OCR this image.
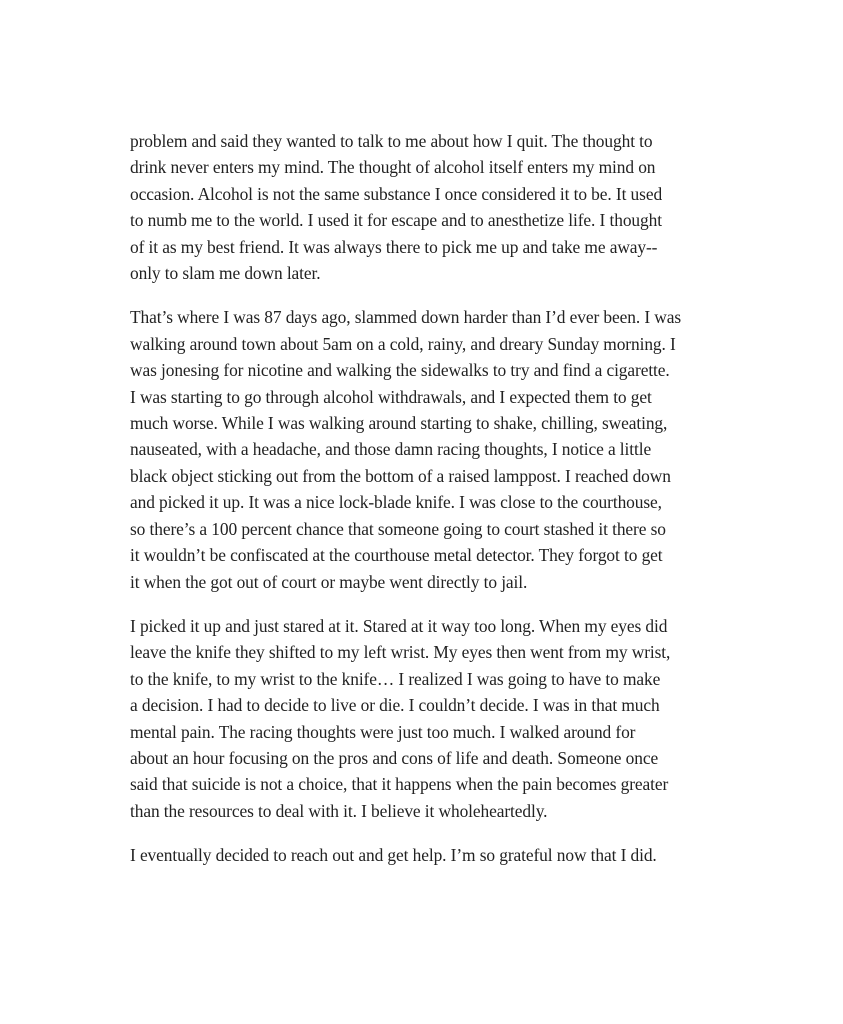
problem and said they wanted to talk to me about how I quit. The thought to
drink never enters my mind. The thought of alcohol itself enters my mind on
occasion. Alcohol is not the same substance I once considered it to be. It used
to numb me to the world. I used it for escape and to anesthetize life. I thought
of it as my best friend. It was always there to pick me up and take me away--
only to slam me down later.

That’s where I was 87 days ago, slammed down harder than I’d ever been. I was
walking around town about 5am on a cold, rainy, and dreary Sunday morning. I
was jonesing for nicotine and walking the sidewalks to try and find a cigarette.
I was starting to go through alcohol withdrawals, and I expected them to get
much worse. While I was walking around starting to shake, chilling, sweating,
nauseated, with a headache, and those damn racing thoughts, I notice a little
black object sticking out from the bottom of a raised lamppost. I reached down
and picked it up. It was a nice lock-blade knife. I was close to the courthouse,
so there’s a 100 percent chance that someone going to court stashed it there so
it wouldn’t be confiscated at the courthouse metal detector. They forgot to get
it when the got out of court or maybe went directly to jail.

I picked it up and just stared at it. Stared at it way too long. When my eyes did
leave the knife they shifted to my left wrist. My eyes then went from my wrist,
to the knife, to my wrist to the knife… I realized I was going to have to make
a decision. I had to decide to live or die. I couldn’t decide. I was in that much
mental pain. The racing thoughts were just too much. I walked around for
about an hour focusing on the pros and cons of life and death. Someone once
said that suicide is not a choice, that it happens when the pain becomes greater
than the resources to deal with it. I believe it wholeheartedly.

I eventually decided to reach out and get help. I’m so grateful now that I did.
